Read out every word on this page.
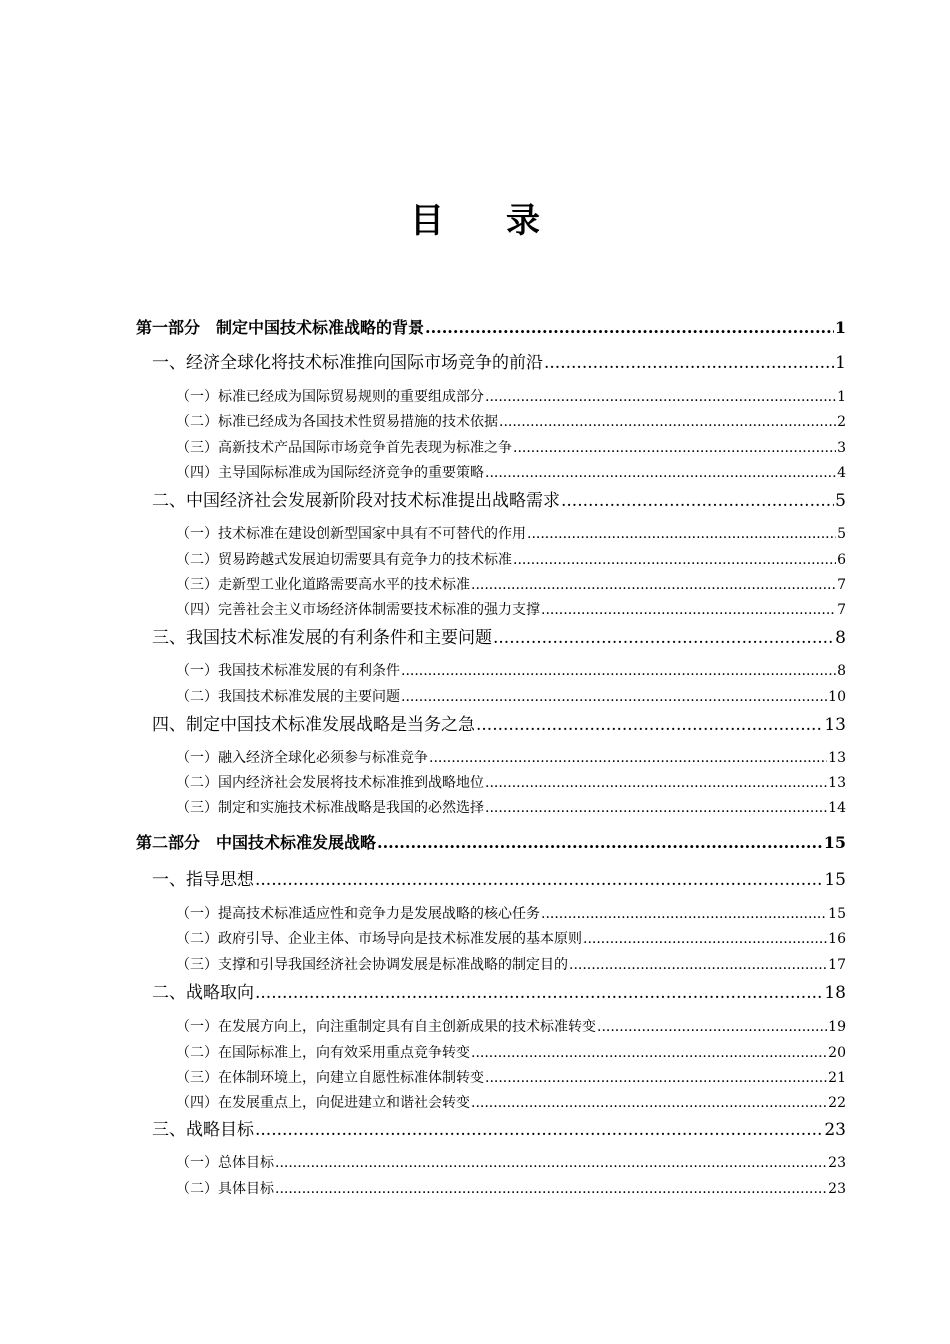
目录
第一部分　制定中国技术标准战略的背景 .....	1
一、经济全球化将技术标准推向国际市场竞争的前沿 .....	1
（一）标准已经成为国际贸易规则的重要组成部分 .....	1
（二）标准已经成为各国技术性贸易措施的技术依据 .....	2
（三）高新技术产品国际市场竞争首先表现为标准之争 .....	3
（四）主导国际标准成为国际经济竞争的重要策略 .....	4
二、中国经济社会发展新阶段对技术标准提出战略需求 .....	5
（一）技术标准在建设创新型国家中具有不可替代的作用 .....	5
（二）贸易跨越式发展迫切需要具有竞争力的技术标准 .....	6
（三）走新型工业化道路需要高水平的技术标准 .....	7
（四）完善社会主义市场经济体制需要技术标准的强力支撑 .....	7
三、我国技术标准发展的有利条件和主要问题 .....	8
（一）我国技术标准发展的有利条件 .....	8
（二）我国技术标准发展的主要问题 .....	10
四、制定中国技术标准发展战略是当务之急 .....	13
（一）融入经济全球化必须参与标准竞争 .....	13
（二）国内经济社会发展将技术标准推到战略地位 .....	13
（三）制定和实施技术标准战略是我国的必然选择 .....	14
第二部分　中国技术标准发展战略 .....	15
一、指导思想 .....	15
（一）提高技术标准适应性和竞争力是发展战略的核心任务 .....	15
（二）政府引导、企业主体、市场导向是技术标准发展的基本原则 .....	16
（三）支撑和引导我国经济社会协调发展是标准战略的制定目的 .....	17
二、战略取向 .....	18
（一）在发展方向上，向注重制定具有自主创新成果的技术标准转变 .....	19
（二）在国际标准上，向有效采用重点竞争转变 .....	20
（三）在体制环境上，向建立自愿性标准体制转变 .....	21
（四）在发展重点上，向促进建立和谐社会转变 .....	22
三、战略目标 .....	23
（一）总体目标 .....	23
（二）具体目标 .....	23
